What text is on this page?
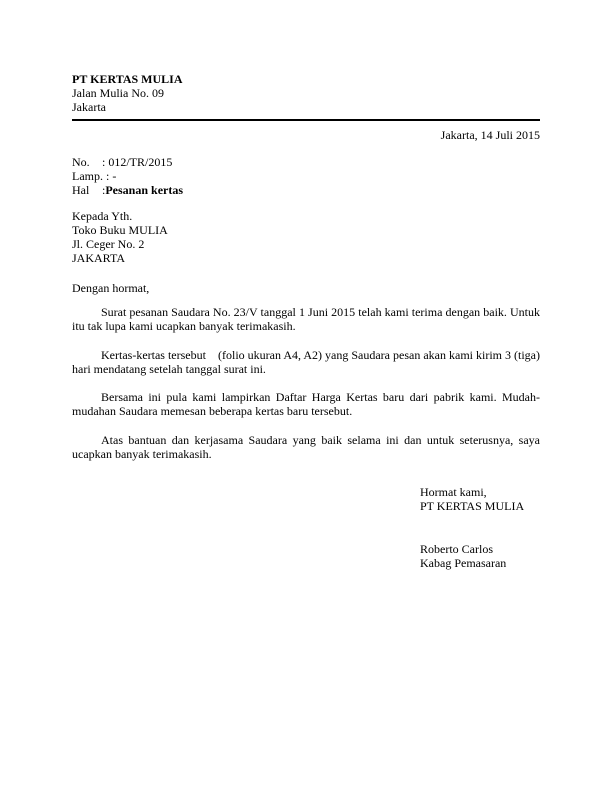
PT KERTAS MULIA
Jalan Mulia No. 09
Jakarta
Jakarta, 14 Juli 2015
No. : 012/TR/2015
Lamp. : -
Hal :Pesanan kertas
Kepada Yth.
Toko Buku MULIA
Jl. Ceger No. 2
JAKARTA
Dengan hormat,
Surat pesanan Saudara No. 23/V tanggal 1 Juni 2015 telah kami terima dengan baik. Untuk
itu tak lupa kami ucapkan banyak terimakasih.
Kertas-kertas tersebut    (folio ukuran A4, A2) yang Saudara pesan akan kami kirim 3 (tiga)
hari mendatang setelah tanggal surat ini.
Bersama ini pula kami lampirkan Daftar Harga Kertas baru dari pabrik kami. Mudah-
mudahan Saudara memesan beberapa kertas baru tersebut.
Atas bantuan dan kerjasama Saudara yang baik selama ini dan untuk seterusnya, saya
ucapkan banyak terimakasih.
Hormat kami,
PT KERTAS MULIA
Roberto Carlos
Kabag Pemasaran
